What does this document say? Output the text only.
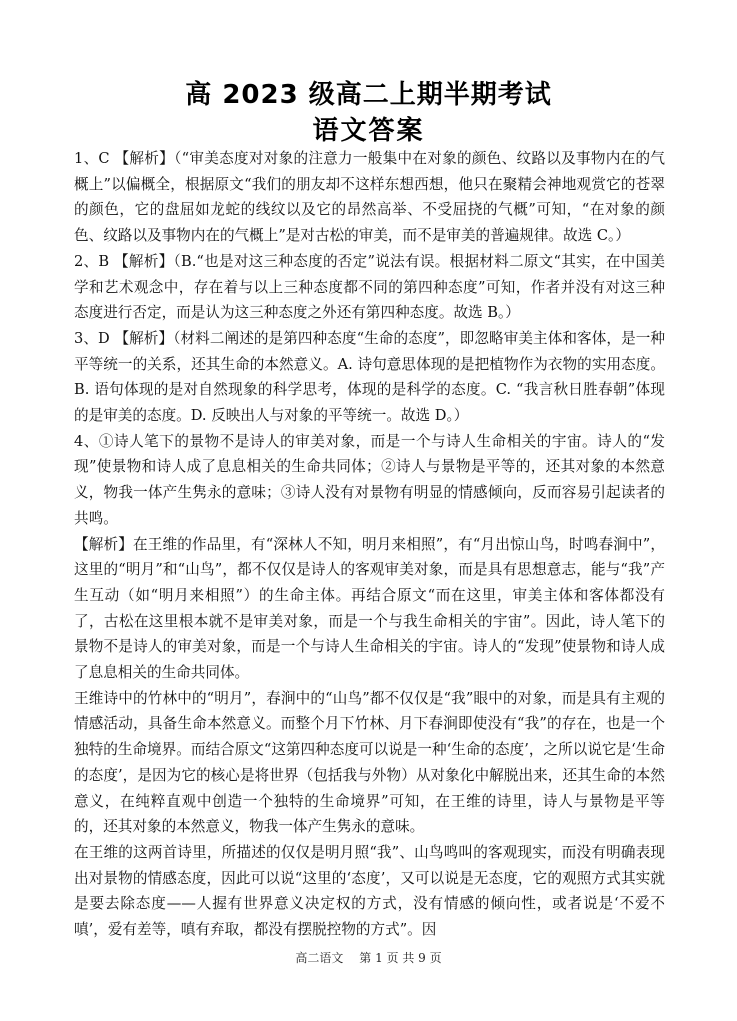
高 2023 级高二上期半期考试
语文答案

1、C 【解析】（“审美态度对对象的注意力一般集中在对象的颜色、纹路以及事物内在的气概上”以偏概全，根据原文“我们的朋友却不这样东想西想，他只在聚精会神地观赏它的苍翠的颜色，它的盘屈如龙蛇的线纹以及它的昂然高举、不受屈挠的气概”可知，“在对象的颜色、纹路以及事物内在的气概上”是对古松的审美，而不是审美的普遍规律。故选 C。）

2、B 【解析】（B.“也是对这三种态度的否定”说法有误。根据材料二原文“其实，在中国美学和艺术观念中，存在着与以上三种态度都不同的第四种态度”可知，作者并没有对这三种态度进行否定，而是认为这三种态度之外还有第四种态度。故选 B。）

3、D 【解析】（材料二阐述的是第四种态度“生命的态度”，即忽略审美主体和客体，是一种平等统一的关系，还其生命的本然意义。A. 诗句意思体现的是把植物作为衣物的实用态度。B. 语句体现的是对自然现象的科学思考，体现的是科学的态度。C. “我言秋日胜春朝”体现的是审美的态度。D. 反映出人与对象的平等统一。故选 D。）

4、①诗人笔下的景物不是诗人的审美对象，而是一个与诗人生命相关的宇宙。诗人的“发现”使景物和诗人成了息息相关的生命共同体；②诗人与景物是平等的，还其对象的本然意义，物我一体产生隽永的意味；③诗人没有对景物有明显的情感倾向，反而容易引起读者的共鸣。

【解析】在王维的作品里，有“深林人不知，明月来相照”，有“月出惊山鸟，时鸣春涧中”，这里的“明月”和“山鸟”，都不仅仅是诗人的客观审美对象，而是具有思想意志，能与“我”产生互动（如“明月来相照”）的生命主体。再结合原文“而在这里，审美主体和客体都没有了，古松在这里根本就不是审美对象，而是一个与我生命相关的宇宙”。因此，诗人笔下的景物不是诗人的审美对象，而是一个与诗人生命相关的宇宙。诗人的“发现”使景物和诗人成了息息相关的生命共同体。

王维诗中的竹林中的“明月”，春涧中的“山鸟”都不仅仅是“我”眼中的对象，而是具有主观的情感活动，具备生命本然意义。而整个月下竹林、月下春涧即使没有“我”的存在，也是一个独特的生命境界。而结合原文“这第四种态度可以说是一种‘生命的态度’，之所以说它是‘生命的态度’，是因为它的核心是将世界（包括我与外物）从对象化中解脱出来，还其生命的本然意义，在纯粹直观中创造一个独特的生命境界”可知，在王维的诗里，诗人与景物是平等的，还其对象的本然意义，物我一体产生隽永的意味。

在王维的这两首诗里，所描述的仅仅是明月照“我”、山鸟鸣叫的客观现实，而没有明确表现出对景物的情感态度，因此可以说“这里的‘态度’，又可以说是无态度，它的观照方式其实就是要去除态度——人握有世界意义决定权的方式，没有情感的倾向性，或者说是‘不爱不嗔’，爱有差等，嗔有弃取，都没有摆脱控物的方式”。因

高二语文 第 1 页 共 9 页
